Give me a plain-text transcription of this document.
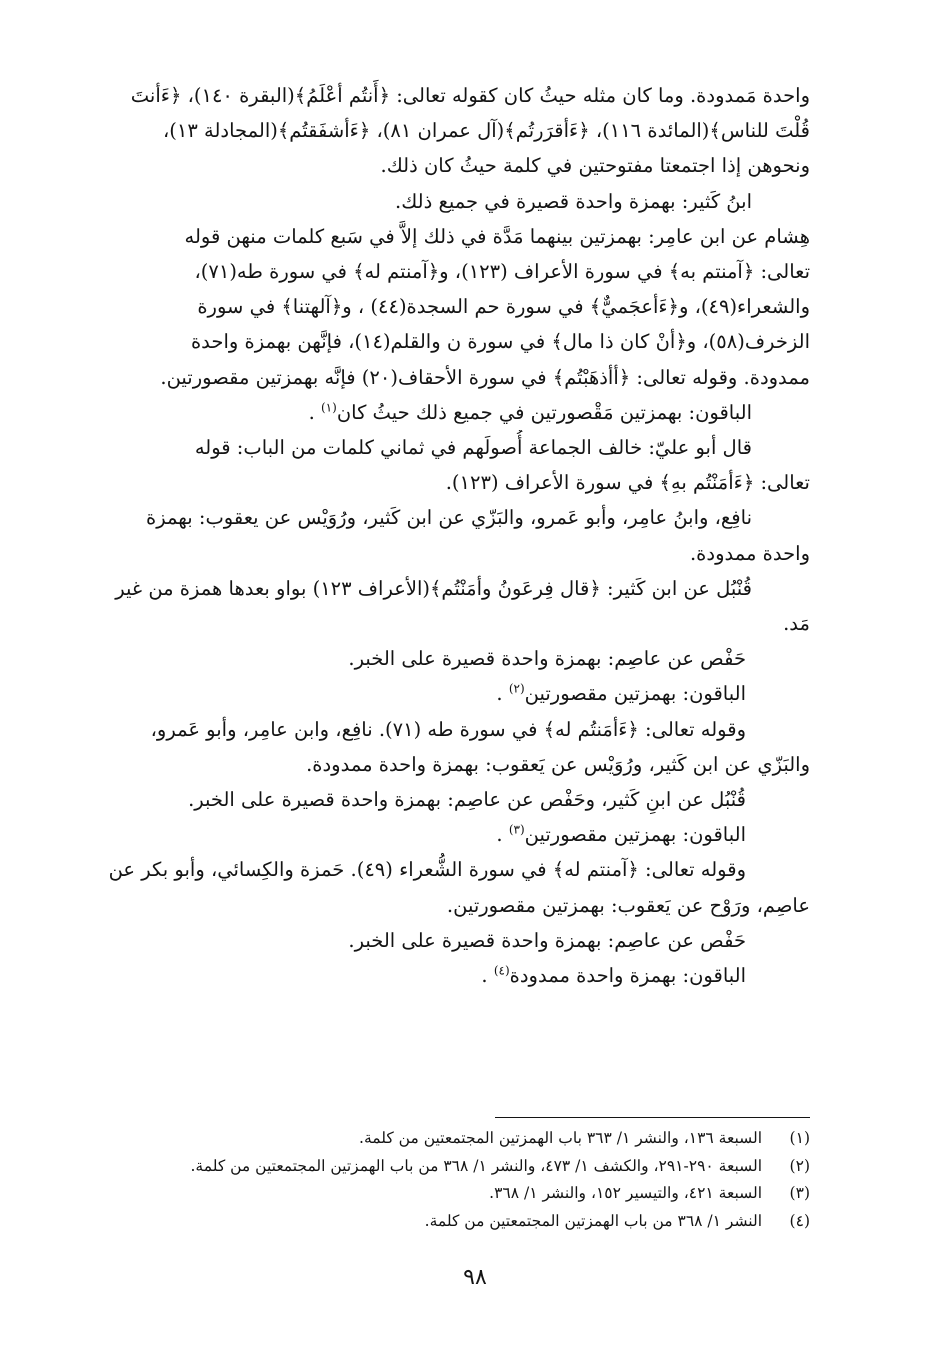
واحدة مَمدودة. وما كان مثله حيثُ كان كقوله تعالى: ﴿أَنتُم أعْلَمُ﴾(البقرة ١٤٠)، ﴿ءَأنتَ
قُلْتَ للناس﴾(المائدة ١١٦)، ﴿ءَأقرَرتُم﴾(آل عمران ٨١)، ﴿ءَأشفَقتُم﴾(المجادلة ١٣)،
ونحوهن إذا اجتمعتا مفتوحتين في كلمة حيثُ كان ذلك.
ابنُ كَثير: بهمزة واحدة قصيرة في جميع ذلك.
هِشام عن ابن عامِر: بهمزتين بينهما مَدَّة في ذلك إلاَّ في سَبع كلمات منهن قوله
تعالى: ﴿آمنتم به﴾ في سورة الأعراف (١٢٣)، و﴿آمنتم له﴾ في سورة طه(٧١)،
والشعراء(٤٩)، و﴿ءَأعجَميٌّ﴾ في سورة حم السجدة(٤٤) ، و﴿آلهتنا﴾ في سورة
الزخرف(٥٨)، و﴿أنْ كان ذا مال﴾ في سورة ن والقلم(١٤)، فإنَّهن بهمزة واحدة
ممدودة. وقوله تعالى: ﴿أأذهَبْتُم﴾ في سورة الأحقاف(٢٠) فإنَّه بهمزتين مقصورتين.
الباقون: بهمزتين مَقْصورتين في جميع ذلك حيثُ كان$^{(١)}$ .
قال أبو عليّ: خالف الجماعة أُصولَهم في ثماني كلمات من الباب: قوله
تعالى: ﴿ءَأمَنْتُم بهِ﴾ في سورة الأعراف (١٢٣).
نافِع، وابنُ عامِر، وأبو عَمرو، والبَزّي عن ابن كَثير، ورُوَيْس عن يعقوب: بهمزة
واحدة ممدودة.
قُنْبُل عن ابن كَثير: ﴿قال فِرعَونُ وأمَنْتُم﴾(الأعراف ١٢٣) بواو بعدها همزة من غير
مَد.
حَفْص عن عاصِم: بهمزة واحدة قصيرة على الخبر.
الباقون: بهمزتين مقصورتين$^{(٢)}$ .
وقوله تعالى: ﴿ءَأمَنتُم له﴾ في سورة طه (٧١). نافِع، وابن عامِر، وأبو عَمرو،
والبَزّي عن ابن كَثير، ورُوَيْس عن يَعقوب: بهمزة واحدة ممدودة.
قُنْبُل عن ابنِ كَثير، وحَفْص عن عاصِم: بهمزة واحدة قصيرة على الخبر.
الباقون: بهمزتين مقصورتين$^{(٣)}$ .
وقوله تعالى: ﴿آمنتم له﴾ في سورة الشُّعراء (٤٩). حَمزة والكِسائي، وأبو بكر عن
عاصِم، ورَوْح عن يَعقوب: بهمزتين مقصورتين.
حَفْص عن عاصِم: بهمزة واحدة قصيرة على الخبر.
الباقون: بهمزة واحدة ممدودة$^{(٤)}$ .
(١)
السبعة ١٣٦، والنشر ١/ ٣٦٣ باب الهمزتين المجتمعتين من كلمة.
(٢)
السبعة ٢٩٠-٢٩١، والكشف ١/ ٤٧٣، والنشر ١/ ٣٦٨ من باب الهمزتين المجتمعتين من كلمة.
(٣)
السبعة ٤٢١، والتيسير ١٥٢، والنشر ١/ ٣٦٨.
(٤)
النشر ١/ ٣٦٨ من باب الهمزتين المجتمعتين من كلمة.
٩٨
